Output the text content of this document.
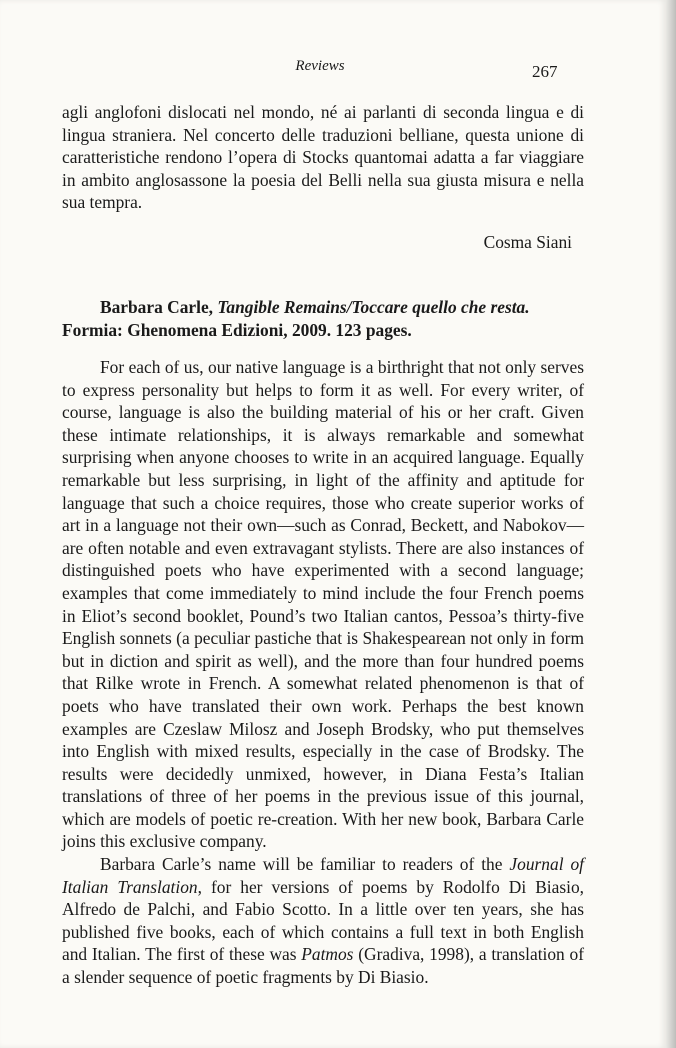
Reviews	267

agli anglofoni dislocati nel mondo, né ai parlanti di seconda lingua e di lingua straniera. Nel concerto delle traduzioni belliane, questa unione di caratteristiche rendono l’opera di Stocks quantomai adatta a far viaggiare in ambito anglosassone la poesia del Belli nella sua giusta misura e nella sua tempra.

Cosma Siani
Barbara Carle, Tangible Remains/Toccare quello che resta.
Formia: Ghenomena Edizioni, 2009. 123 pages.

For each of us, our native language is a birthright that not only serves to express personality but helps to form it as well. For every writer, of course, language is also the building material of his or her craft. Given these intimate relationships, it is always remarkable and somewhat surprising when anyone chooses to write in an acquired language. Equally remarkable but less surprising, in light of the affinity and aptitude for language that such a choice requires, those who create superior works of art in a language not their own—such as Conrad, Beckett, and Nabokov—are often notable and even extravagant stylists. There are also instances of distinguished poets who have experimented with a second language; examples that come immediately to mind include the four French poems in Eliot’s second booklet, Pound’s two Italian cantos, Pessoa’s thirty-five English sonnets (a peculiar pastiche that is Shakespearean not only in form but in diction and spirit as well), and the more than four hundred poems that Rilke wrote in French. A somewhat related phenomenon is that of poets who have translated their own work. Perhaps the best known examples are Czeslaw Milosz and Joseph Brodsky, who put themselves into English with mixed results, especially in the case of Brodsky. The results were decidedly unmixed, however, in Diana Festa’s Italian translations of three of her poems in the previous issue of this journal, which are models of poetic re-creation. With her new book, Barbara Carle joins this exclusive company.

Barbara Carle’s name will be familiar to readers of the Journal of Italian Translation, for her versions of poems by Rodolfo Di Biasio, Alfredo de Palchi, and Fabio Scotto. In a little over ten years, she has published five books, each of which contains a full text in both English and Italian. The first of these was Patmos (Gradiva, 1998), a translation of a slender sequence of poetic fragments by Di Biasio.
